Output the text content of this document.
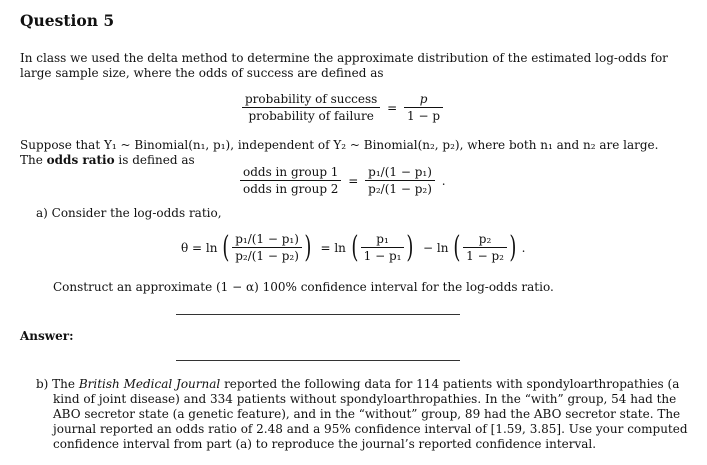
Question 5

In class we used the delta method to determine the approximate distribution of the estimated log-odds for

large sample size, where the odds of success are defined as

$\frac{\text{probability of success}}{\text{probability of failure}} = \frac{p}{1 - p}$

Suppose that Y₁ ~ Binomial(n₁, p₁), independent of Y₂ ~ Binomial(n₂, p₂), where both n₁ and n₂ are large.

The odds ratio is defined as

$\frac{\text{odds in group 1}}{\text{odds in group 2}} = \frac{\text{p₁/(1 − p₁)}}{\text{p₂/(1 − p₂)}}$ .

a) Consider the log-odds ratio,

θ = ln ( $\frac{\text{p₁/(1 − p₁)}}{\text{p₂/(1 − p₂)}}$ ) = ln ( $\frac{\text{p₁}}{\text{1 − p₁}}$ ) − ln ( $\frac{\text{p₂}}{\text{1 − p₂}}$ ) .

Construct an approximate (1 − α) 100% confidence interval for the log-odds ratio.

Answer:

b) The British Medical Journal reported the following data for 114 patients with spondyloarthropathies (a

kind of joint disease) and 334 patients without spondyloarthropathies. In the “with” group, 54 had the

ABO secretor state (a genetic feature), and in the “without” group, 89 had the ABO secretor state. The

journal reported an odds ratio of 2.48 and a 95% confidence interval of [1.59, 3.85]. Use your computed

confidence interval from part (a) to reproduce the journal’s reported confidence interval.
